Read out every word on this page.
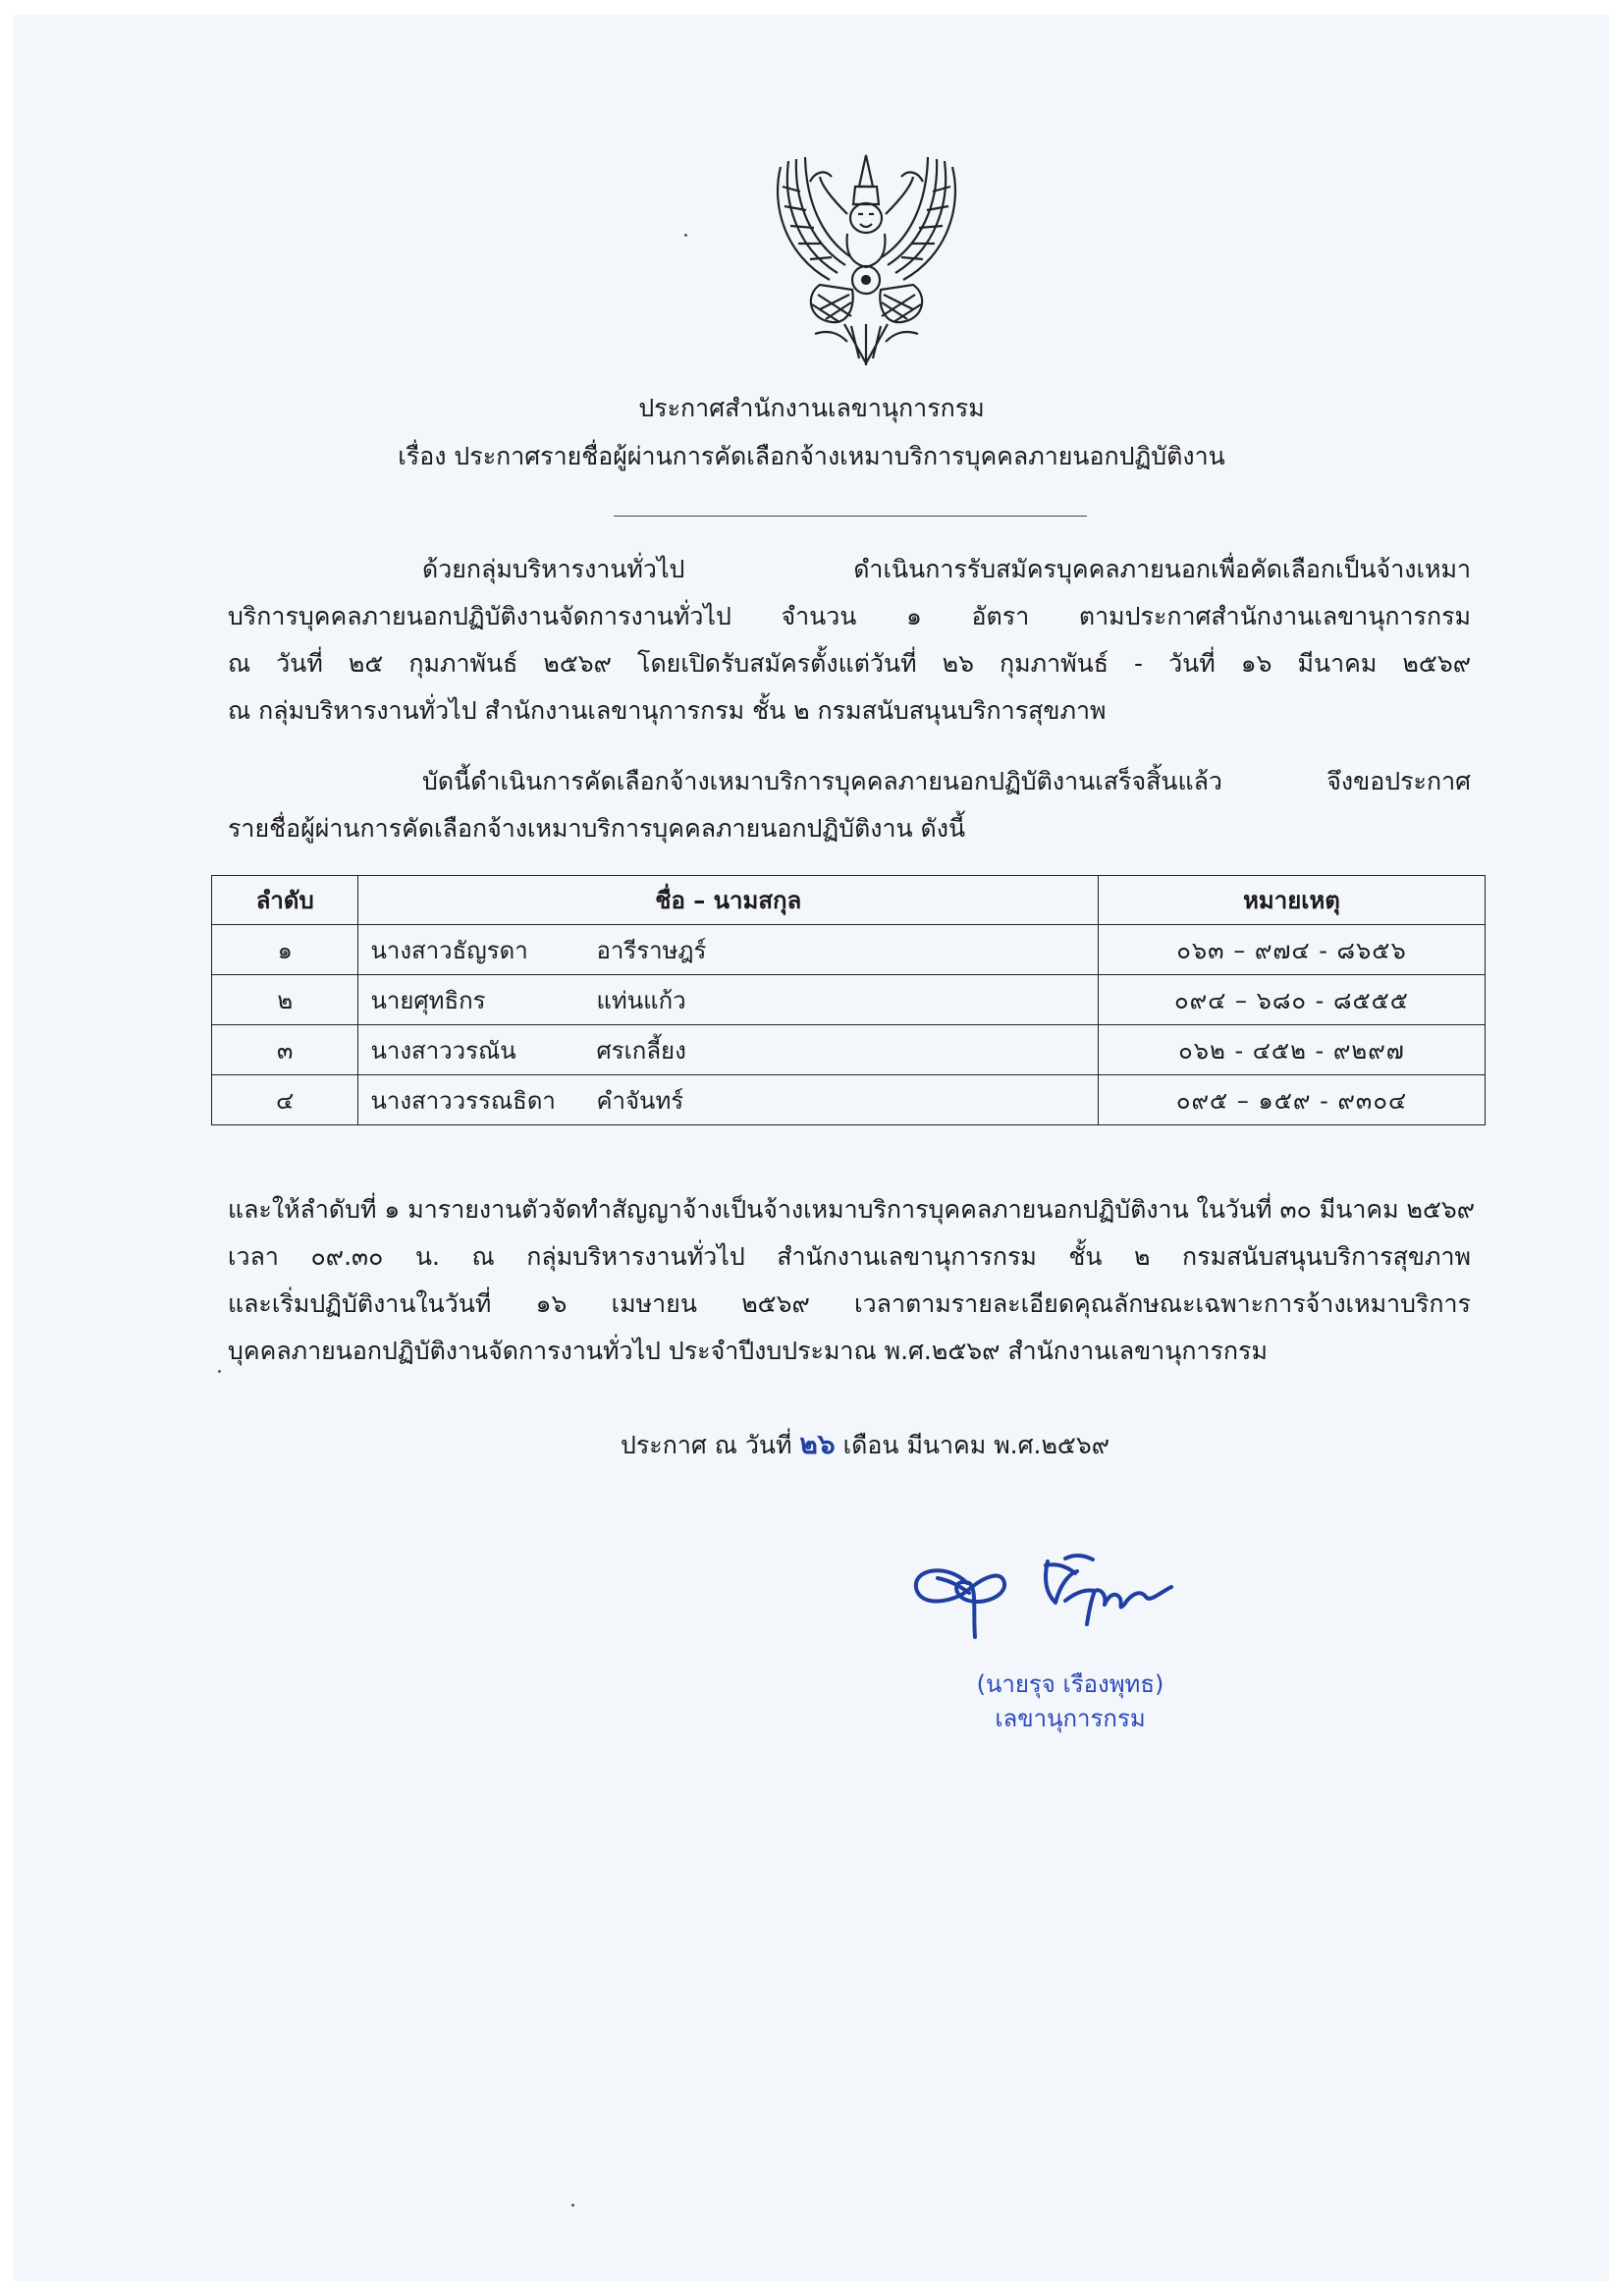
ประกาศสำนักงานเลขานุการกรม
เรื่อง ประกาศรายชื่อผู้ผ่านการคัดเลือกจ้างเหมาบริการบุคคลภายนอกปฏิบัติงาน
ด้วยกลุ่มบริหารงานทั่วไป ดำเนินการรับสมัครบุคคลภายนอกเพื่อคัดเลือกเป็นจ้างเหมา
บริการบุคคลภายนอกปฏิบัติงานจัดการงานทั่วไป จำนวน ๑ อัตรา ตามประกาศสำนักงานเลขานุการกรม
ณ วันที่ ๒๕ กุมภาพันธ์ ๒๕๖๙ โดยเปิดรับสมัครตั้งแต่วันที่ ๒๖ กุมภาพันธ์ - วันที่ ๑๖ มีนาคม ๒๕๖๙
ณ กลุ่มบริหารงานทั่วไป สำนักงานเลขานุการกรม ชั้น ๒ กรมสนับสนุนบริการสุขภาพ
บัดนี้ดำเนินการคัดเลือกจ้างเหมาบริการบุคคลภายนอกปฏิบัติงานเสร็จสิ้นแล้ว จึงขอประกาศ
รายชื่อผู้ผ่านการคัดเลือกจ้างเหมาบริการบุคคลภายนอกปฏิบัติงาน ดังนี้
ลำดับ	ชื่อ – นามสกุล	หมายเหตุ
๑	นางสาวธัญรดา อารีราษฎร์	๐๖๓ – ๙๗๔ - ๘๖๕๖
๒	นายศุทธิกร แท่นแก้ว	๐๙๔ – ๖๘๐ - ๘๕๕๕
๓	นางสาววรณัน ศรเกลี้ยง	๐๖๒ - ๔๕๒ - ๙๒๙๗
๔	นางสาววรรณธิดา คำจันทร์	๐๙๕ – ๑๕๙ - ๙๓๐๔
และให้ลำดับที่ ๑ มารายงานตัวจัดทำสัญญาจ้างเป็นจ้างเหมาบริการบุคคลภายนอกปฏิบัติงาน ในวันที่ ๓๐ มีนาคม ๒๕๖๙
เวลา ๐๙.๓๐ น. ณ กลุ่มบริหารงานทั่วไป สำนักงานเลขานุการกรม ชั้น ๒ กรมสนับสนุนบริการสุขภาพ
และเริ่มปฏิบัติงานในวันที่ ๑๖ เมษายน ๒๕๖๙ เวลาตามรายละเอียดคุณลักษณะเฉพาะการจ้างเหมาบริการ
บุคคลภายนอกปฏิบัติงานจัดการงานทั่วไป ประจำปีงบประมาณ พ.ศ.๒๕๖๙ สำนักงานเลขานุการกรม
ประกาศ ณ วันที่ ๒๖ เดือน มีนาคม พ.ศ.๒๕๖๙
(นายรุจ เรืองพุทธ)
เลขานุการกรม
